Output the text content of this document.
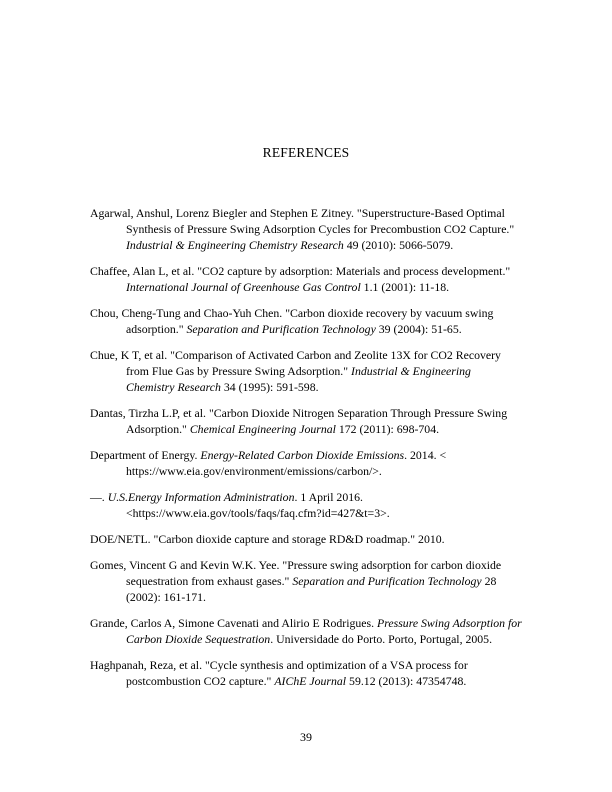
REFERENCES

Agarwal, Anshul, Lorenz Biegler and Stephen E Zitney. "Superstructure-Based Optimal Synthesis of Pressure Swing Adsorption Cycles for Precombustion CO2 Capture." Industrial & Engineering Chemistry Research 49 (2010): 5066-5079.

Chaffee, Alan L, et al. "CO2 capture by adsorption: Materials and process development." International Journal of Greenhouse Gas Control 1.1 (2001): 11-18.

Chou, Cheng-Tung and Chao-Yuh Chen. "Carbon dioxide recovery by vacuum swing adsorption." Separation and Purification Technology 39 (2004): 51-65.

Chue, K T, et al. "Comparison of Activated Carbon and Zeolite 13X for CO2 Recovery from Flue Gas by Pressure Swing Adsorption." Industrial & Engineering Chemistry Research 34 (1995): 591-598.

Dantas, Tirzha L.P, et al. "Carbon Dioxide Nitrogen Separation Through Pressure Swing Adsorption." Chemical Engineering Journal 172 (2011): 698-704.

Department of Energy. Energy-Related Carbon Dioxide Emissions. 2014. < https://www.eia.gov/environment/emissions/carbon/>.

—. U.S.Energy Information Administration. 1 April 2016. <https://www.eia.gov/tools/faqs/faq.cfm?id=427&t=3>.

DOE/NETL. "Carbon dioxide capture and storage RD&D roadmap." 2010.

Gomes, Vincent G and Kevin W.K. Yee. "Pressure swing adsorption for carbon dioxide sequestration from exhaust gases." Separation and Purification Technology 28 (2002): 161-171.

Grande, Carlos A, Simone Cavenati and Alirio E Rodrigues. Pressure Swing Adsorption for Carbon Dioxide Sequestration. Universidade do Porto. Porto, Portugal, 2005.

Haghpanah, Reza, et al. "Cycle synthesis and optimization of a VSA process for postcombustion CO2 capture." AIChE Journal 59.12 (2013): 47354748.

39
